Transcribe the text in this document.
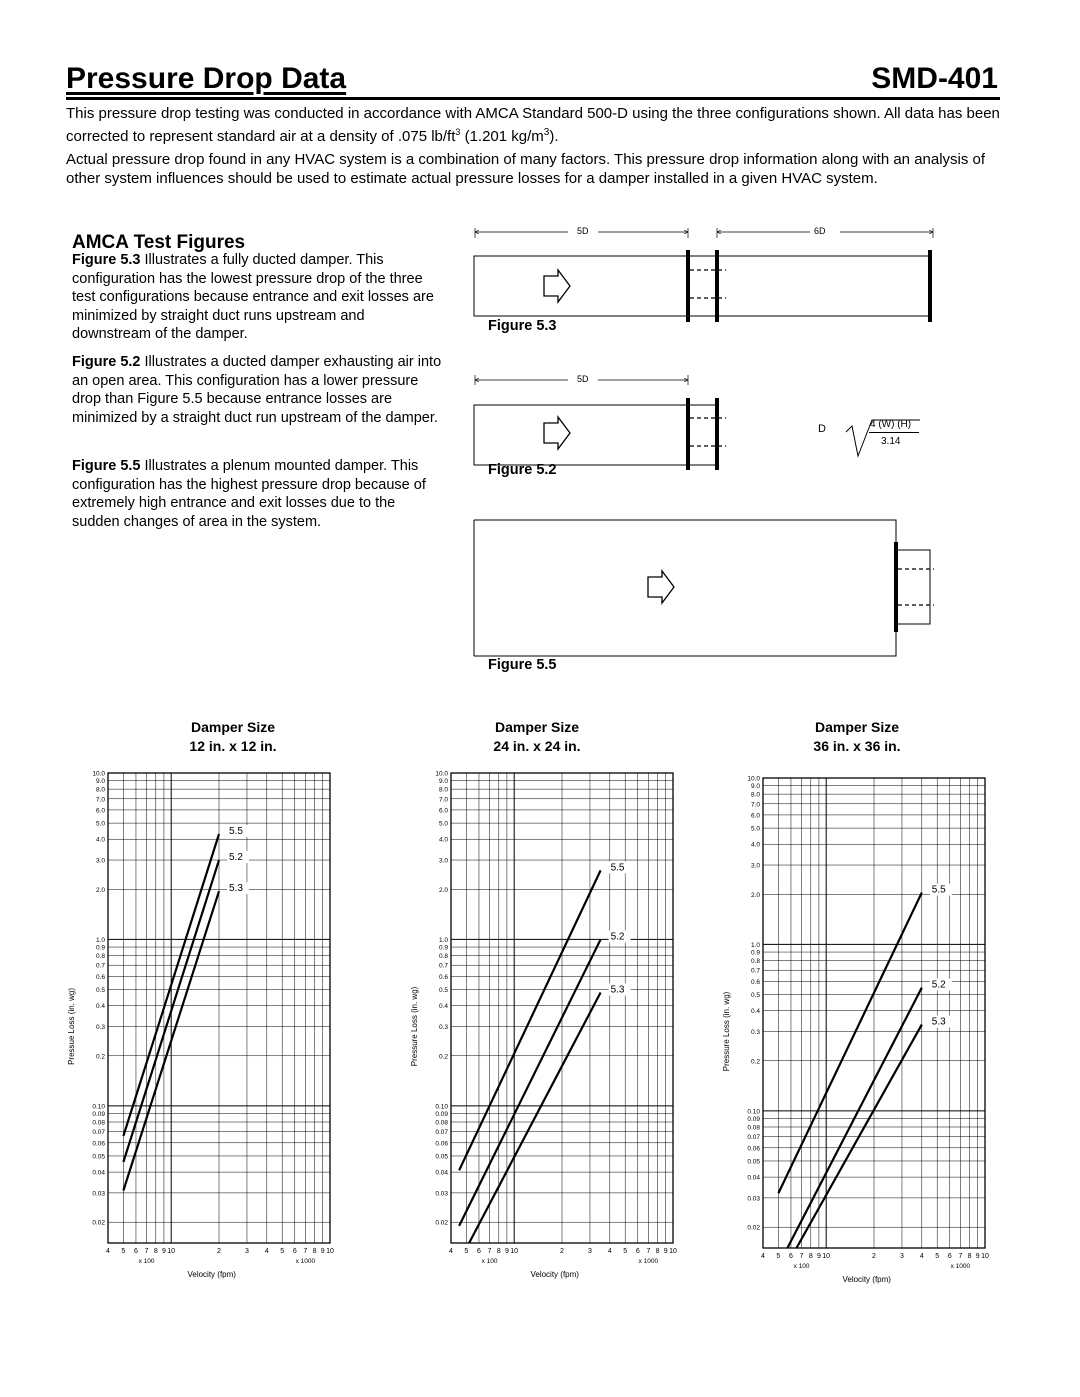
Pressure Drop Data	SMD-401
This pressure drop testing was conducted in accordance with AMCA Standard 500-D using the three configurations shown. All data has been corrected to represent standard air at a density of .075 $lb/ft^3$ (1.201 $kg/m^3$).
Actual pressure drop found in any HVAC system is a combination of many factors. This pressure drop information along with an analysis of other system influences should be used to estimate actual pressure losses for a damper installed in a given HVAC system.
AMCA Test Figures
Figure 5.3 Illustrates a fully ducted damper. This configuration has the lowest pressure drop of the three test configurations because entrance and exit losses are minimized by straight duct runs upstream and downstream of the damper.
Figure 5.2 Illustrates a ducted damper exhausting air into an open area. This configuration has a lower pressure drop than Figure 5.5 because entrance losses are minimized by a straight duct run upstream of the damper.
Figure 5.5 Illustrates a plenum mounted damper. This configuration has the highest pressure drop because of extremely high entrance and exit losses due to the sudden changes of area in the system.
5D	6D
Figure 5.3
5D
Figure 5.2
D	4 (W) (H)
3.14
Figure 5.5
Damper Size
12 in. x 12 in.
Damper Size
24 in. x 24 in.
Damper Size
36 in. x 36 in.
10.0
9.0
8.0
7.0
6.0
5.0
4.0
3.0
2.0
1.0
0.9
0.8
0.7
0.6
0.5
0.4
0.3
0.2
0.10
0.09
0.08
0.07
0.06
0.05
0.04
0.03
0.02
4 5 6 7 8 9 10	2	3 4 5 6 7 8 9 10
x 100	x 1000
Velocity (fpm)
Pressue Loss (in. wg)
5.5
5.2
5.3
10.0
9.0
8.0
7.0
6.0
5.0
4.0
3.0
2.0
1.0
0.9
0.8
0.7
0.6
0.5
0.4
0.3
0.2
0.10
0.09
0.08
0.07
0.06
0.05
0.04
0.03
0.02
4 5 6 7 8 9 10	2	3 4 5 6 7 8 9 10
x 100	x 1000
Velocity (fpm)
Pressure Loss (in. wg)
5.5
5.2
5.3
10.0
9.0
8.0
7.0
6.0
5.0
4.0
3.0
2.0
1.0
0.9
0.8
0.7
0.6
0.5
0.4
0.3
0.2
0.10
0.09
0.08
0.07
0.06
0.05
0.04
0.03
0.02
4 5 6 7 8 9 10	2	3 4 5 6 7 8 9 10
x 100	x 1000
Velocity (fpm)
Pressure Loss (in. wg)
5.5
5.2
5.3
